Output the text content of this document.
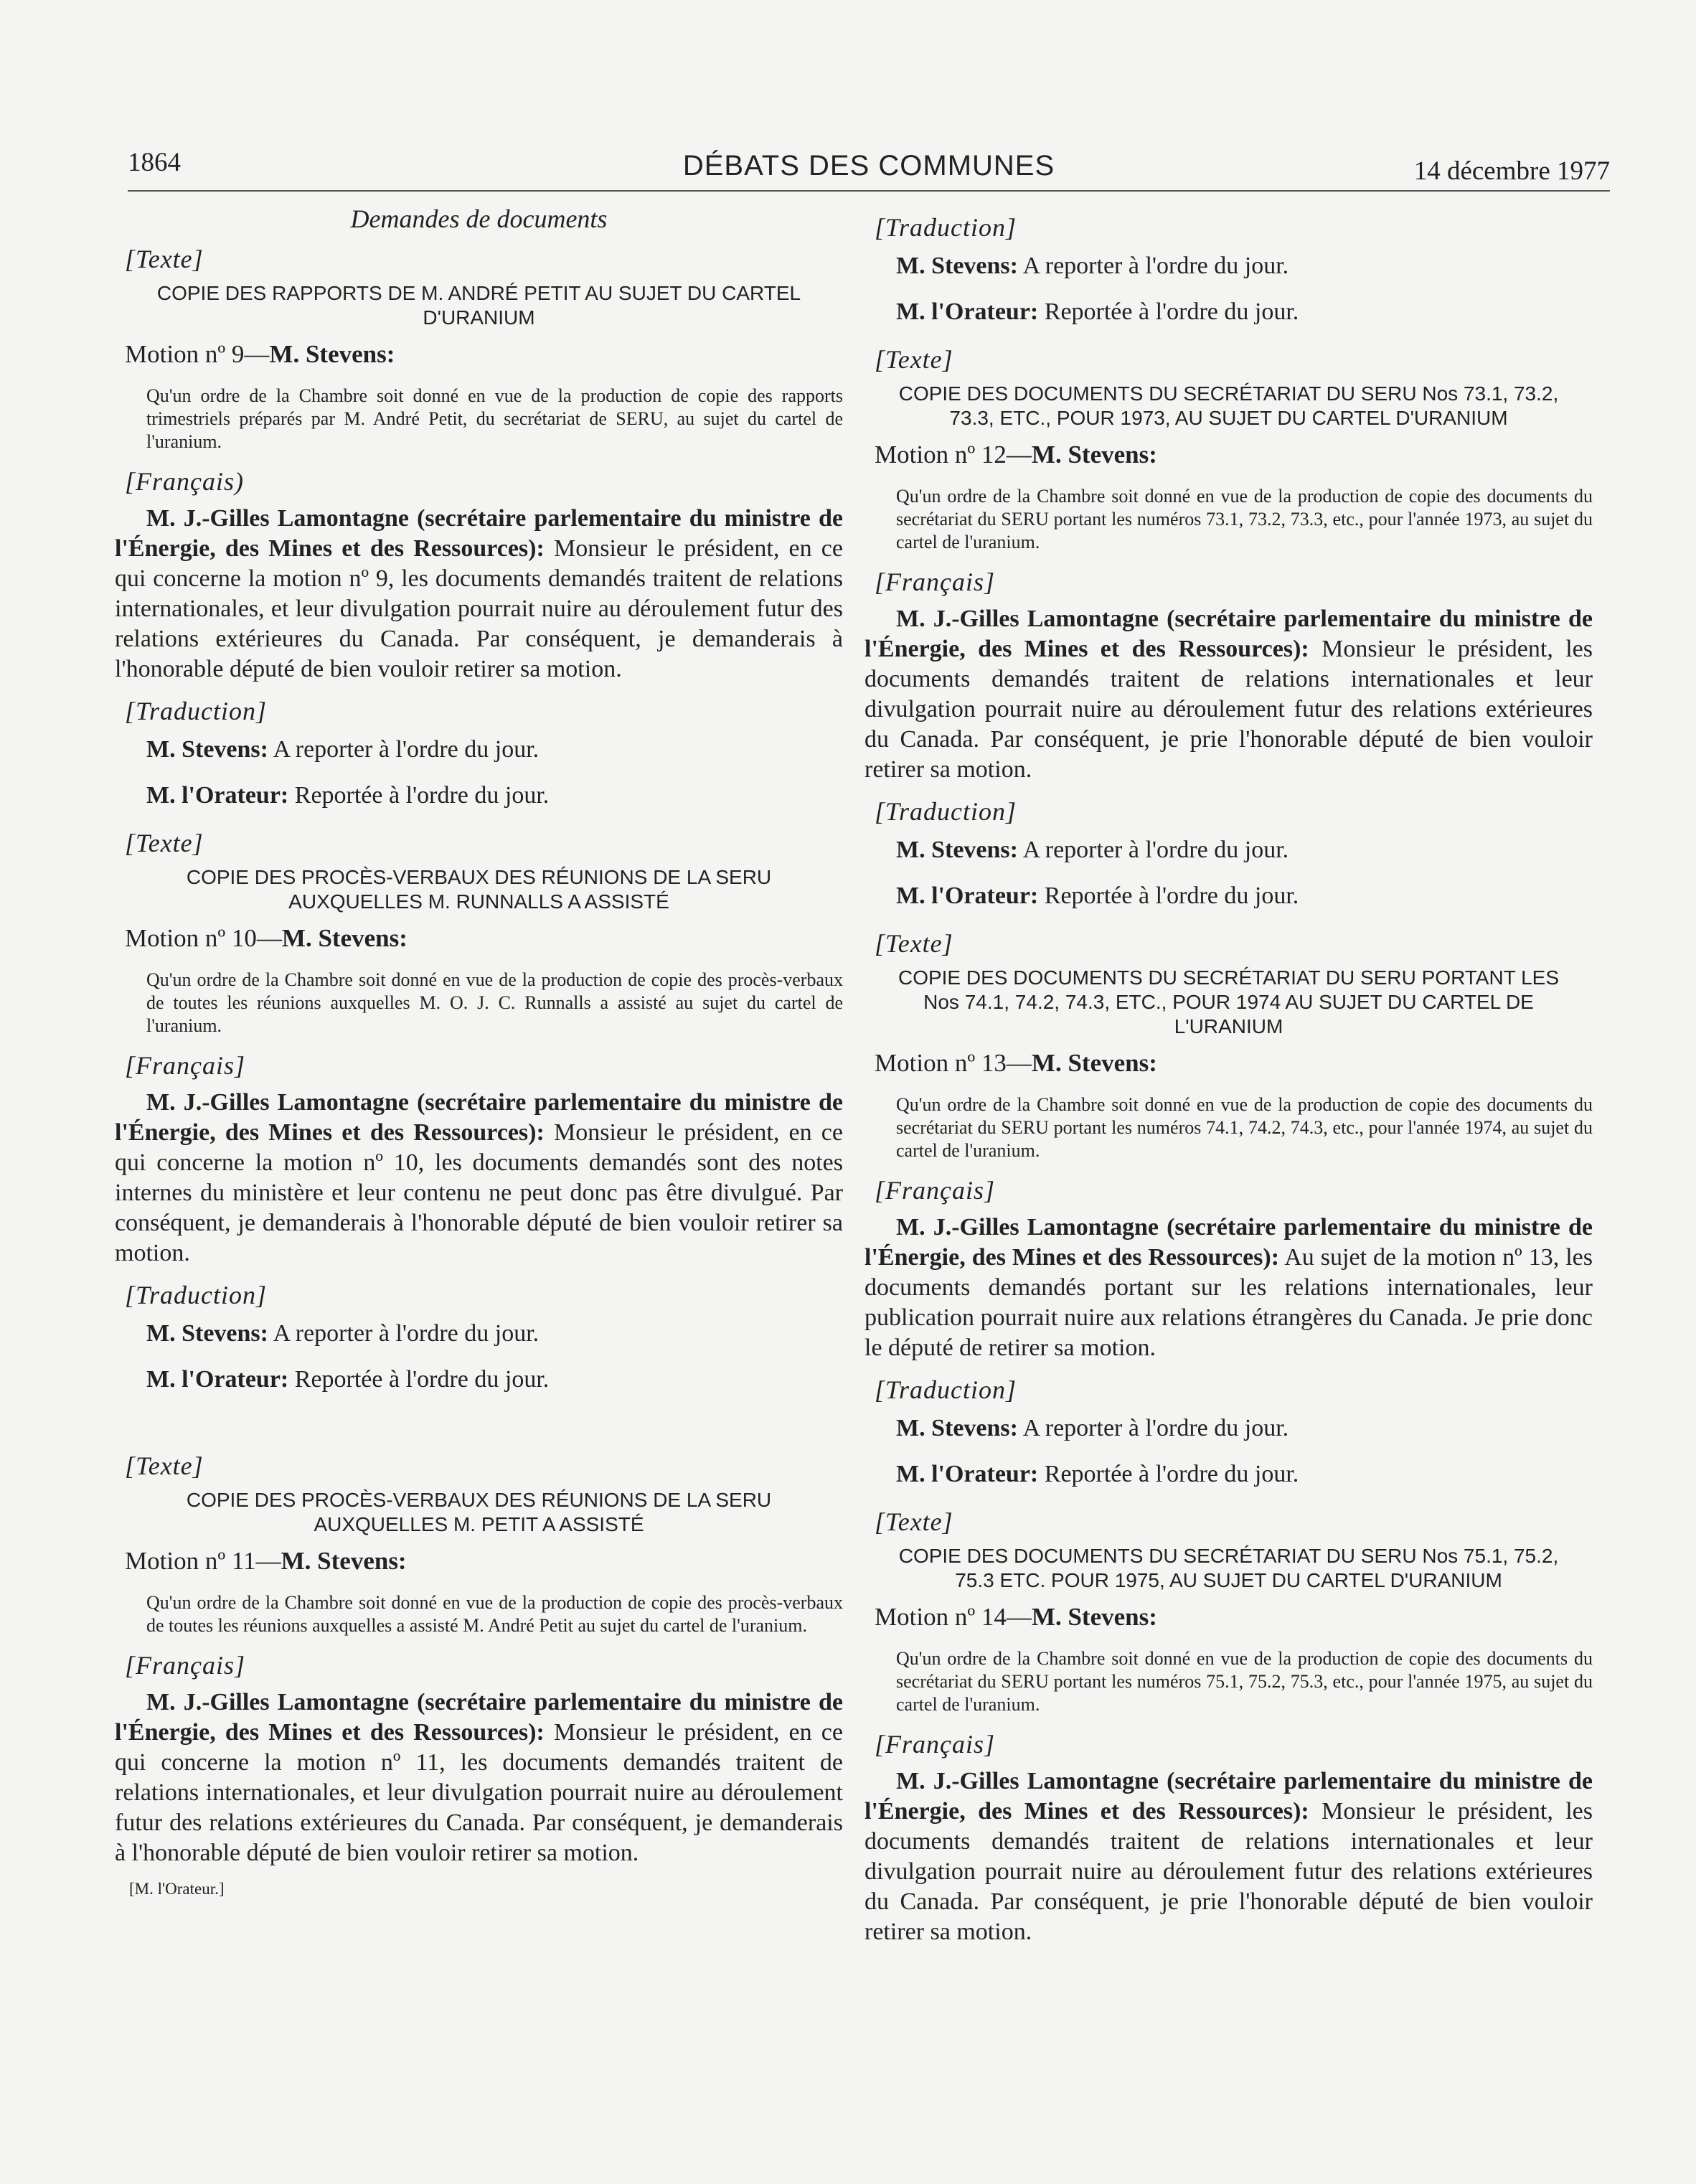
1864	DÉBATS DES COMMUNES	14 décembre 1977
Demandes de documents
[Texte]
COPIE DES RAPPORTS DE M. ANDRÉ PETIT AU SUJET DU CARTEL D'URANIUM
Motion nº 9—M. Stevens:
Qu'un ordre de la Chambre soit donné en vue de la production de copie des rapports trimestriels préparés par M. André Petit, du secrétariat de SERU, au sujet du cartel de l'uranium.
[Français)
M. J.-Gilles Lamontagne (secrétaire parlementaire du ministre de l'Énergie, des Mines et des Ressources): Monsieur le président, en ce qui concerne la motion nº 9, les documents demandés traitent de relations internationales, et leur divulgation pourrait nuire au déroulement futur des relations extérieures du Canada. Par conséquent, je demanderais à l'honorable député de bien vouloir retirer sa motion.
[Traduction]
M. Stevens: A reporter à l'ordre du jour.
M. l'Orateur: Reportée à l'ordre du jour.
[Texte]
COPIE DES PROCÈS-VERBAUX DES RÉUNIONS DE LA SERU AUXQUELLES M. RUNNALLS A ASSISTÉ
Motion nº 10—M. Stevens:
Qu'un ordre de la Chambre soit donné en vue de la production de copie des procès-verbaux de toutes les réunions auxquelles M. O. J. C. Runnalls a assisté au sujet du cartel de l'uranium.
[Français]
M. J.-Gilles Lamontagne (secrétaire parlementaire du ministre de l'Énergie, des Mines et des Ressources): Monsieur le président, en ce qui concerne la motion nº 10, les documents demandés sont des notes internes du ministère et leur contenu ne peut donc pas être divulgué. Par conséquent, je demanderais à l'honorable député de bien vouloir retirer sa motion.
[Traduction]
M. Stevens: A reporter à l'ordre du jour.
M. l'Orateur: Reportée à l'ordre du jour.
[Texte]
COPIE DES PROCÈS-VERBAUX DES RÉUNIONS DE LA SERU AUXQUELLES M. PETIT A ASSISTÉ
Motion nº 11—M. Stevens:
Qu'un ordre de la Chambre soit donné en vue de la production de copie des procès-verbaux de toutes les réunions auxquelles a assisté M. André Petit au sujet du cartel de l'uranium.
[Français]
M. J.-Gilles Lamontagne (secrétaire parlementaire du ministre de l'Énergie, des Mines et des Ressources): Monsieur le président, en ce qui concerne la motion nº 11, les documents demandés traitent de relations internationales, et leur divulgation pourrait nuire au déroulement futur des relations extérieures du Canada. Par conséquent, je demanderais à l'honorable député de bien vouloir retirer sa motion.
[M. l'Orateur.]
[Traduction]
M. Stevens: A reporter à l'ordre du jour.
M. l'Orateur: Reportée à l'ordre du jour.
[Texte]
COPIE DES DOCUMENTS DU SECRÉTARIAT DU SERU Nos 73.1, 73.2, 73.3, ETC., POUR 1973, AU SUJET DU CARTEL D'URANIUM
Motion nº 12—M. Stevens:
Qu'un ordre de la Chambre soit donné en vue de la production de copie des documents du secrétariat du SERU portant les numéros 73.1, 73.2, 73.3, etc., pour l'année 1973, au sujet du cartel de l'uranium.
[Français]
M. J.-Gilles Lamontagne (secrétaire parlementaire du ministre de l'Énergie, des Mines et des Ressources): Monsieur le président, les documents demandés traitent de relations internationales et leur divulgation pourrait nuire au déroulement futur des relations extérieures du Canada. Par conséquent, je prie l'honorable député de bien vouloir retirer sa motion.
[Traduction]
M. Stevens: A reporter à l'ordre du jour.
M. l'Orateur: Reportée à l'ordre du jour.
[Texte]
COPIE DES DOCUMENTS DU SECRÉTARIAT DU SERU PORTANT LES Nos 74.1, 74.2, 74.3, ETC., POUR 1974 AU SUJET DU CARTEL DE L'URANIUM
Motion nº 13—M. Stevens:
Qu'un ordre de la Chambre soit donné en vue de la production de copie des documents du secrétariat du SERU portant les numéros 74.1, 74.2, 74.3, etc., pour l'année 1974, au sujet du cartel de l'uranium.
[Français]
M. J.-Gilles Lamontagne (secrétaire parlementaire du ministre de l'Énergie, des Mines et des Ressources): Au sujet de la motion nº 13, les documents demandés portant sur les relations internationales, leur publication pourrait nuire aux relations étrangères du Canada. Je prie donc le député de retirer sa motion.
[Traduction]
M. Stevens: A reporter à l'ordre du jour.
M. l'Orateur: Reportée à l'ordre du jour.
[Texte]
COPIE DES DOCUMENTS DU SECRÉTARIAT DU SERU Nos 75.1, 75.2, 75.3 ETC. POUR 1975, AU SUJET DU CARTEL D'URANIUM
Motion nº 14—M. Stevens:
Qu'un ordre de la Chambre soit donné en vue de la production de copie des documents du secrétariat du SERU portant les numéros 75.1, 75.2, 75.3, etc., pour l'année 1975, au sujet du cartel de l'uranium.
[Français]
M. J.-Gilles Lamontagne (secrétaire parlementaire du ministre de l'Énergie, des Mines et des Ressources): Monsieur le président, les documents demandés traitent de relations internationales et leur divulgation pourrait nuire au déroulement futur des relations extérieures du Canada. Par conséquent, je prie l'honorable député de bien vouloir retirer sa motion.
